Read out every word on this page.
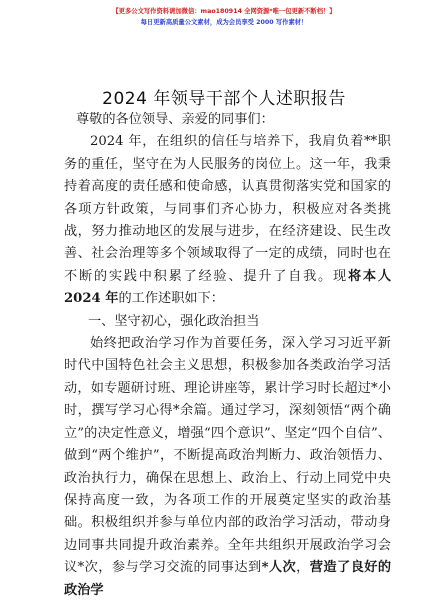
【更多公文写作资料请加微信：mao180914 全网资源*唯一包更新不断档！】
每日更新高质量公文素材，成为会员享受 2000 写作素材！
2024 年领导干部个人述职报告

尊敬的各位领导、亲爱的同事们：

2024 年，在组织的信任与培养下，我肩负着**职务的重任，坚守在为人民服务的岗位上。这一年，我秉持着高度的责任感和使命感，认真贯彻落实党和国家的各项方针政策，与同事们齐心协力，积极应对各类挑战，努力推动地区的发展与进步，在经济建设、民生改善、社会治理等多个领域取得了一定的成绩，同时也在不断的实践中积累了经验、提升了自我。现将本人 2024 年的工作述职如下：

一、坚守初心，强化政治担当

始终把政治学习作为首要任务，深入学习习近平新时代中国特色社会主义思想，积极参加各类政治学习活动，如专题研讨班、理论讲座等，累计学习时长超过*小时，撰写学习心得*余篇。通过学习，深刻领悟“两个确立”的决定性意义，增强“四个意识”、坚定“四个自信”、做到“两个维护”，不断提高政治判断力、政治领悟力、政治执行力，确保在思想上、政治上、行动上同党中央保持高度一致，为各项工作的开展奠定坚实的政治基础。积极组织并参与单位内部的政治学习活动，带动身边同事共同提升政治素养。全年共组织开展政治学习会议*次，参与学习交流的同事达到*人次，营造了良好的政治学
